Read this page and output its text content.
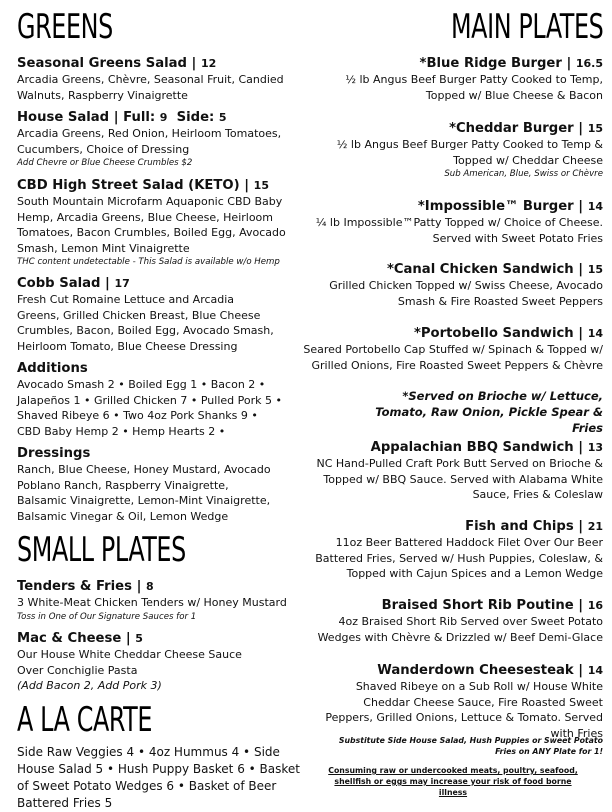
GREENS
Seasonal Greens Salad | 12
Arcadia Greens, Chèvre, Seasonal Fruit, Candied Walnuts, Raspberry Vinaigrette
House Salad | Full: 9  Side: 5
Arcadia Greens, Red Onion, Heirloom Tomatoes, Cucumbers, Choice of Dressing
Add Chevre or Blue Cheese Crumbles $2
CBD High Street Salad (KETO) | 15
South Mountain Microfarm Aquaponic CBD Baby Hemp, Arcadia Greens, Blue Cheese, Heirloom Tomatoes, Bacon Crumbles, Boiled Egg, Avocado Smash, Lemon Mint Vinaigrette
THC content undetectable - This Salad is available w/o Hemp
Cobb Salad | 17
Fresh Cut Romaine Lettuce and Arcadia Greens, Grilled Chicken Breast, Blue Cheese Crumbles, Bacon, Boiled Egg, Avocado Smash, Heirloom Tomato, Blue Cheese Dressing
Additions
Avocado Smash 2 • Boiled Egg 1 • Bacon 2 • Jalapeños 1 • Grilled Chicken 7 • Pulled Pork 5 • Shaved Ribeye 6 • Two 4oz Pork Shanks 9 • CBD Baby Hemp 2 • Hemp Hearts 2 •
Dressings
Ranch, Blue Cheese, Honey Mustard, Avocado Poblano Ranch, Raspberry Vinaigrette, Balsamic Vinaigrette, Lemon-Mint Vinaigrette, Balsamic Vinegar & Oil, Lemon Wedge
SMALL PLATES
Tenders & Fries | 8
3 White-Meat Chicken Tenders w/ Honey Mustard
Toss in One of Our Signature Sauces for 1
Mac & Cheese | 5
Our House White Cheddar Cheese Sauce Over Conchiglie Pasta
(Add Bacon 2, Add Pork 3)
A LA CARTE
Side Raw Veggies 4 • 4oz Hummus 4 • Side House Salad 5 • Hush Puppy Basket 6 • Basket of Sweet Potato Wedges 6 • Basket of Beer Battered Fries 5
MAIN PLATES
*Blue Ridge Burger | 16.5
½ lb Angus Beef Burger Patty Cooked to Temp, Topped w/ Blue Cheese & Bacon
*Cheddar Burger | 15
½ lb Angus Beef Burger Patty Cooked to Temp & Topped w/ Cheddar Cheese
Sub American, Blue, Swiss or Chèvre
*Impossible™ Burger | 14
¼ lb Impossible™Patty Topped w/ Choice of Cheese. Served with Sweet Potato Fries
*Canal Chicken Sandwich | 15
Grilled Chicken Topped w/ Swiss Cheese, Avocado Smash & Fire Roasted Sweet Peppers
*Portobello Sandwich | 14
Seared Portobello Cap Stuffed w/ Spinach & Topped w/ Grilled Onions, Fire Roasted Sweet Peppers & Chèvre
*Served on Brioche w/ Lettuce, Tomato, Raw Onion, Pickle Spear & Fries
Appalachian BBQ Sandwich | 13
NC Hand-Pulled Craft Pork Butt Served on Brioche & Topped w/ BBQ Sauce. Served with Alabama White Sauce, Fries & Coleslaw
Fish and Chips | 21
11oz Beer Battered Haddock Filet Over Our Beer Battered Fries, Served w/ Hush Puppies, Coleslaw, & Topped with Cajun Spices and a Lemon Wedge
Braised Short Rib Poutine | 16
4oz Braised Short Rib Served over Sweet Potato Wedges with Chèvre & Drizzled w/ Beef Demi-Glace
Wanderdown Cheesesteak | 14
Shaved Ribeye on a Sub Roll w/ House White Cheddar Cheese Sauce, Fire Roasted Sweet Peppers, Grilled Onions, Lettuce & Tomato. Served with Fries
Substitute Side House Salad, Hush Puppies or Sweet Potato Fries on ANY Plate for 1!
Consuming raw or undercooked meats, poultry, seafood, shellfish or eggs may increase your risk of food borne illness
